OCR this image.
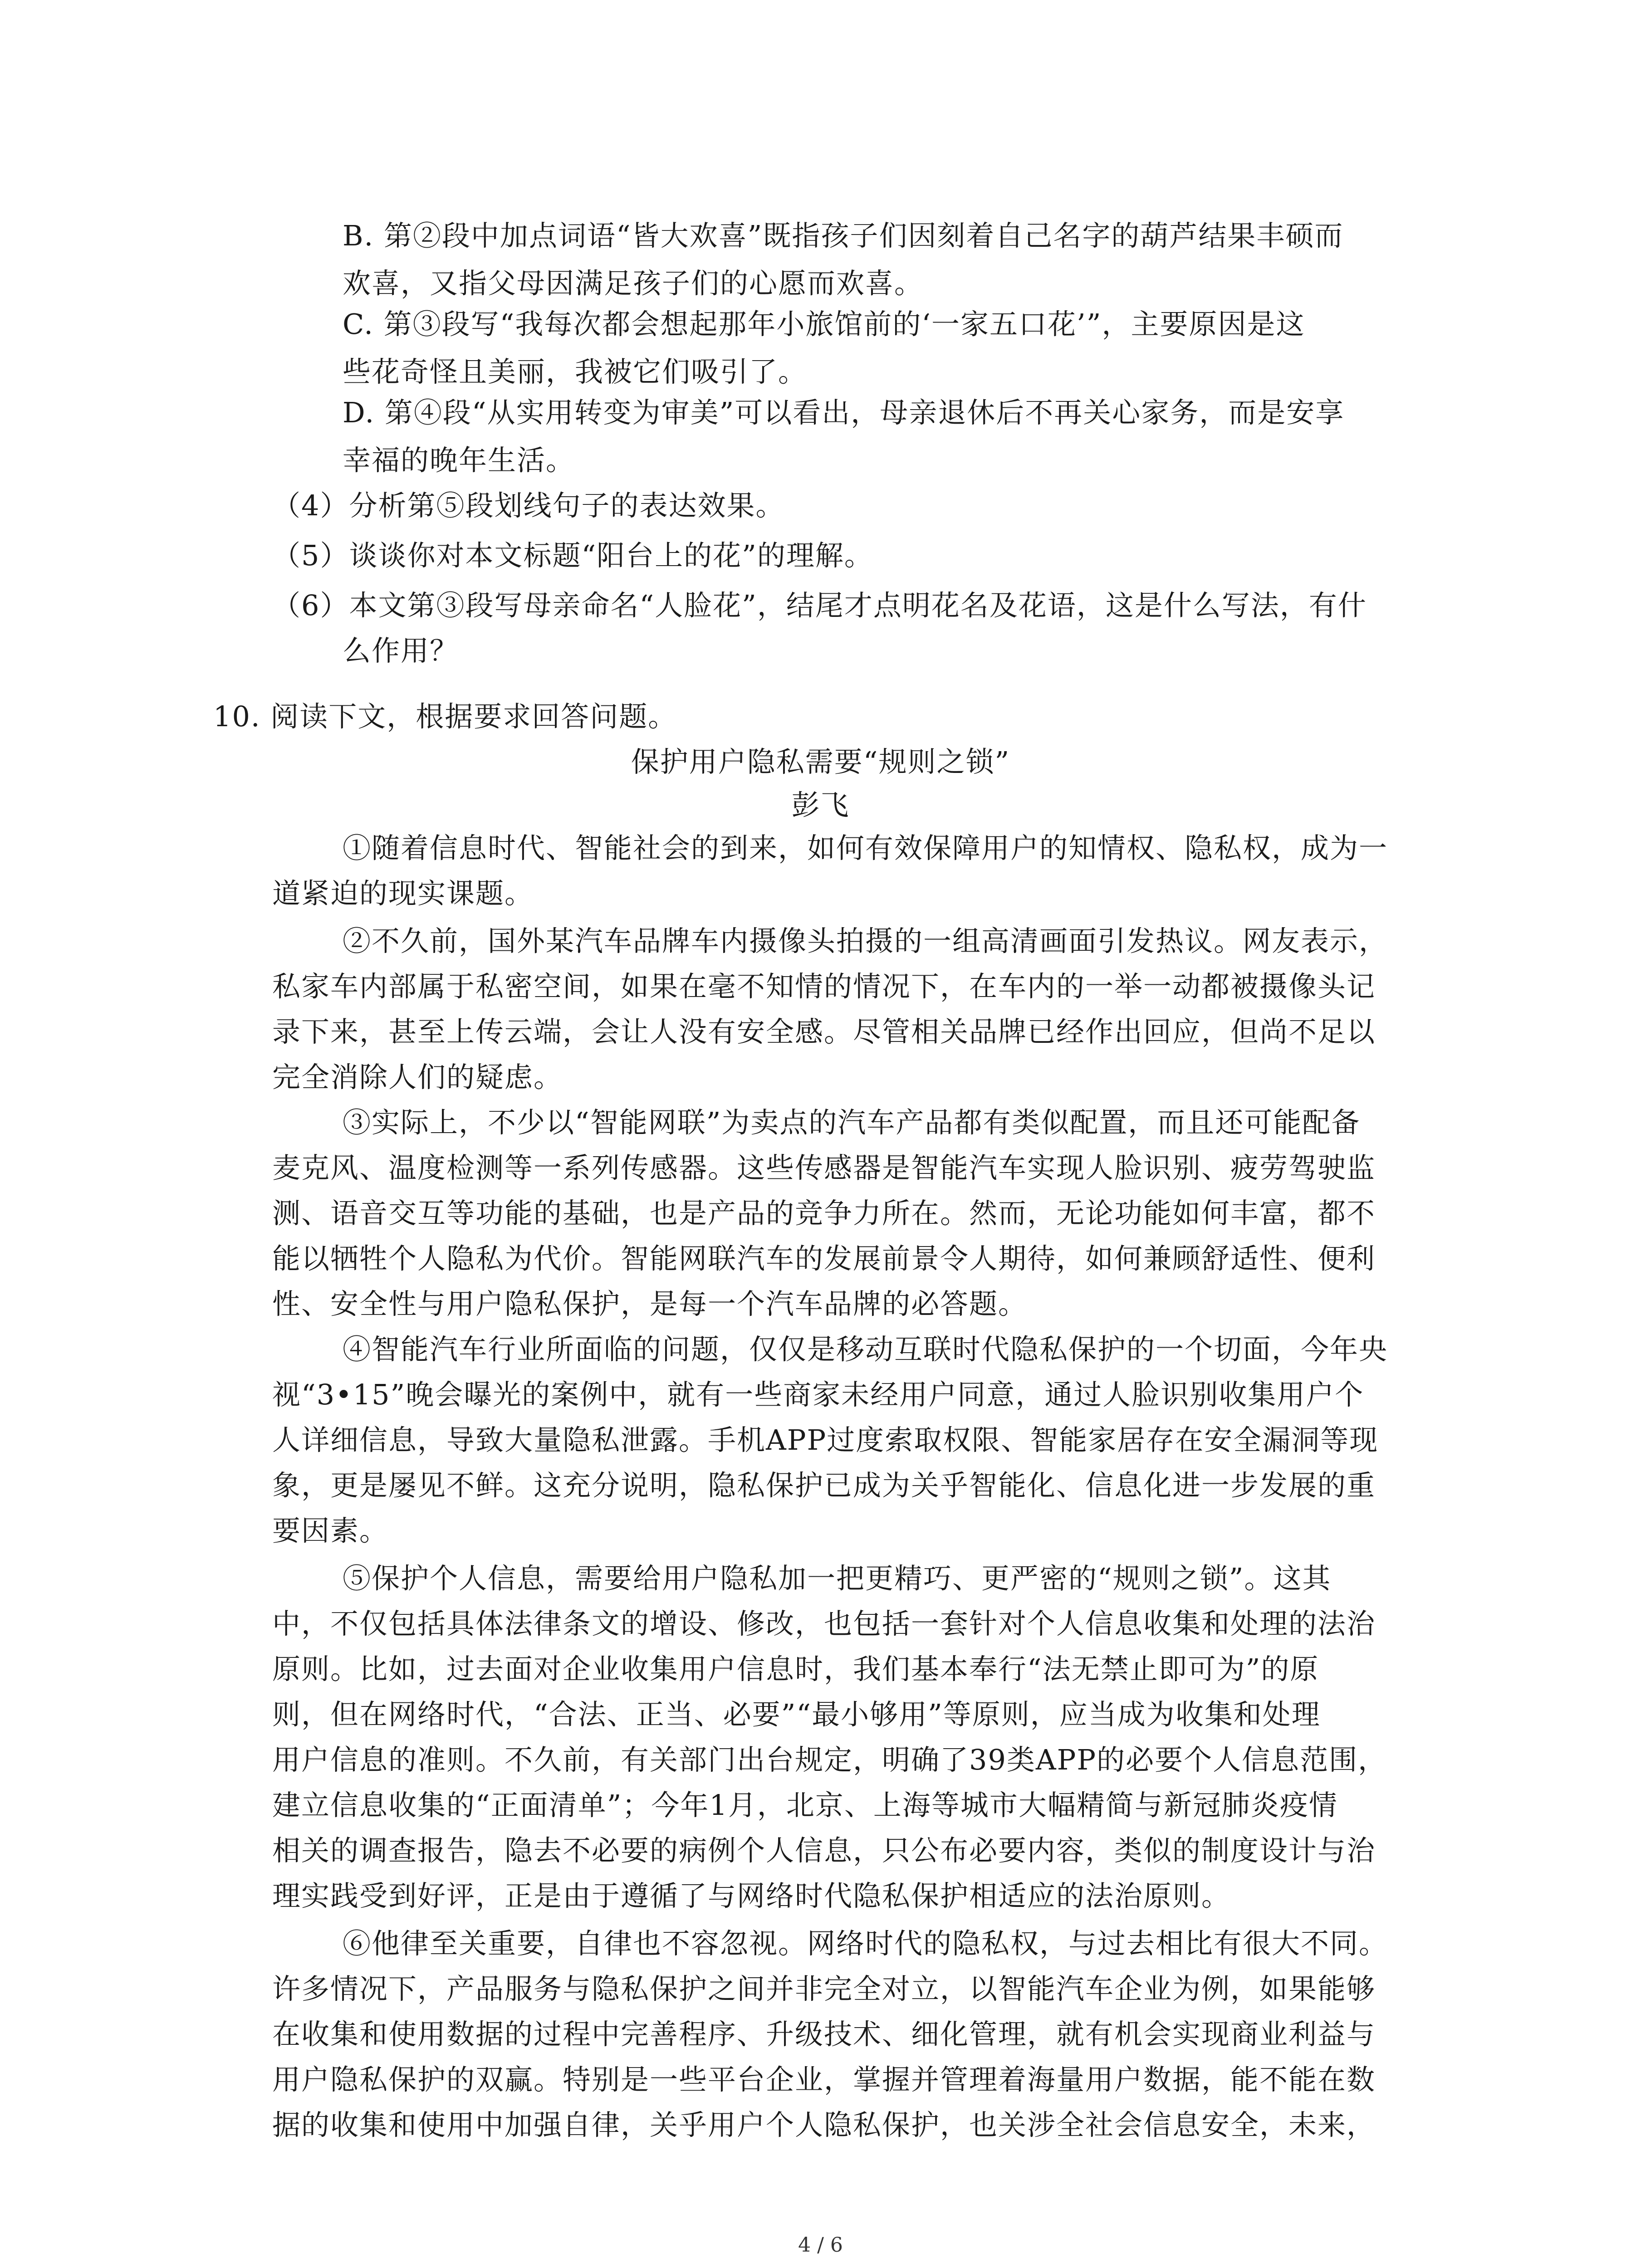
B. 第②段中加点词语“皆大欢喜”既指孩子们因刻着自己名字的葫芦结果丰硕而
欢喜，又指父母因满足孩子们的心愿而欢喜。
C. 第③段写“我每次都会想起那年小旅馆前的‘一家五口花’”，主要原因是这
些花奇怪且美丽，我被它们吸引了。
D. 第④段“从实用转变为审美”可以看出，母亲退休后不再关心家务，而是安享
幸福的晚年生活。
（4）分析第⑤段划线句子的表达效果。
（5）谈谈你对本文标题“阳台上的花”的理解。
（6）本文第③段写母亲命名“人脸花”，结尾才点明花名及花语，这是什么写法，有什
么作用？
10. 阅读下文，根据要求回答问题。
保护用户隐私需要“规则之锁”
彭飞
①随着信息时代、智能社会的到来，如何有效保障用户的知情权、隐私权，成为一
道紧迫的现实课题。
②不久前，国外某汽车品牌车内摄像头拍摄的一组高清画面引发热议。网友表示，
私家车内部属于私密空间，如果在毫不知情的情况下，在车内的一举一动都被摄像头记
录下来，甚至上传云端，会让人没有安全感。尽管相关品牌已经作出回应，但尚不足以
完全消除人们的疑虑。
③实际上，不少以“智能网联”为卖点的汽车产品都有类似配置，而且还可能配备
麦克风、温度检测等一系列传感器。这些传感器是智能汽车实现人脸识别、疲劳驾驶监
测、语音交互等功能的基础，也是产品的竞争力所在。然而，无论功能如何丰富，都不
能以牺牲个人隐私为代价。智能网联汽车的发展前景令人期待，如何兼顾舒适性、便利
性、安全性与用户隐私保护，是每一个汽车品牌的必答题。
④智能汽车行业所面临的问题，仅仅是移动互联时代隐私保护的一个切面，今年央
视“3•15”晚会曝光的案例中，就有一些商家未经用户同意，通过人脸识别收集用户个
人详细信息，导致大量隐私泄露。手机APP过度索取权限、智能家居存在安全漏洞等现
象，更是屡见不鲜。这充分说明，隐私保护已成为关乎智能化、信息化进一步发展的重
要因素。
⑤保护个人信息，需要给用户隐私加一把更精巧、更严密的“规则之锁”。这其
中，不仅包括具体法律条文的增设、修改，也包括一套针对个人信息收集和处理的法治
原则。比如，过去面对企业收集用户信息时，我们基本奉行“法无禁止即可为”的原
则，但在网络时代，“合法、正当、必要”“最小够用”等原则，应当成为收集和处理
用户信息的准则。不久前，有关部门出台规定，明确了39类APP的必要个人信息范围，
建立信息收集的“正面清单”；今年1月，北京、上海等城市大幅精简与新冠肺炎疫情
相关的调查报告，隐去不必要的病例个人信息，只公布必要内容，类似的制度设计与治
理实践受到好评，正是由于遵循了与网络时代隐私保护相适应的法治原则。
⑥他律至关重要，自律也不容忽视。网络时代的隐私权，与过去相比有很大不同。
许多情况下，产品服务与隐私保护之间并非完全对立，以智能汽车企业为例，如果能够
在收集和使用数据的过程中完善程序、升级技术、细化管理，就有机会实现商业利益与
用户隐私保护的双赢。特别是一些平台企业，掌握并管理着海量用户数据，能不能在数
据的收集和使用中加强自律，关乎用户个人隐私保护，也关涉全社会信息安全，未来，
4 / 6
